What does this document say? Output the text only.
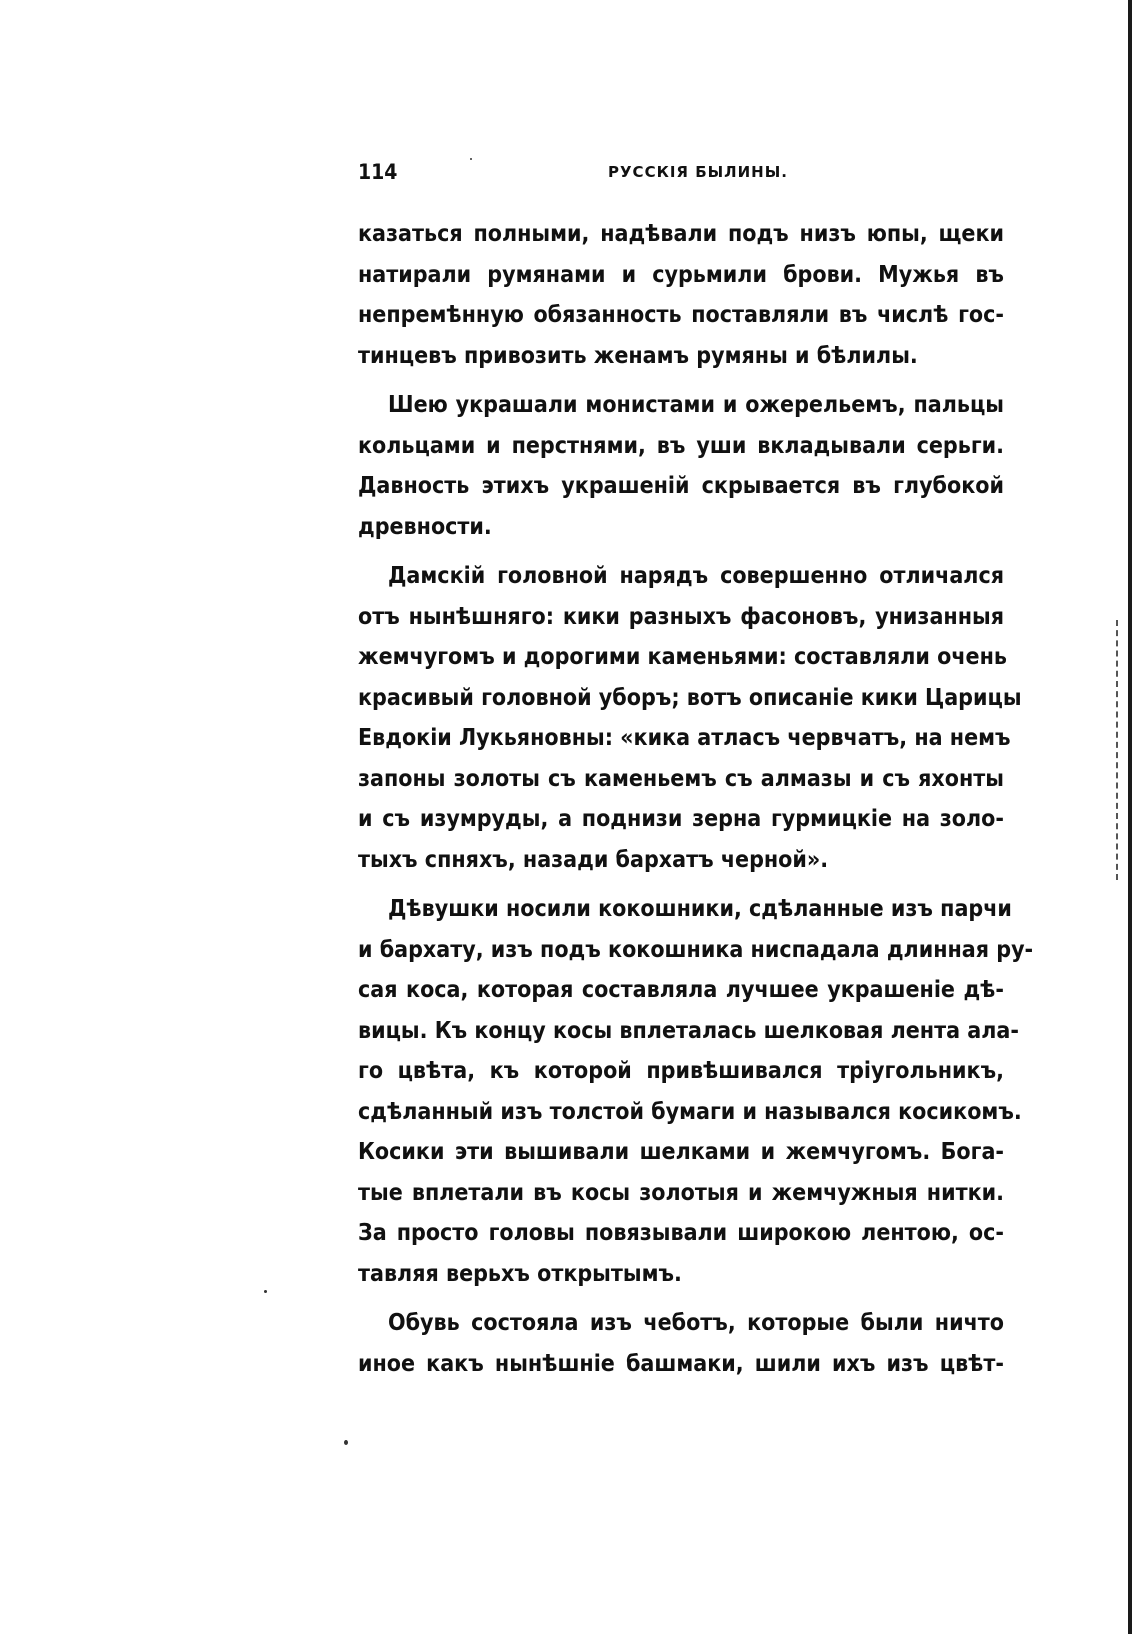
114	РУССКІЯ БЫЛИНЫ.
казаться полными, надѣвали подъ низъ юпы, щеки
натирали румянами и сурьмили брови. Мужья въ
непремѣнную обязанность поставляли въ числѣ гос-
тинцевъ привозить женамъ румяны и бѣлилы.
Шею украшали монистами и ожерельемъ, пальцы
кольцами и перстнями, въ уши вкладывали серьги.
Давность этихъ украшеній скрывается въ глубокой
древности.
Дамскій головной нарядъ совершенно отличался
отъ нынѣшняго: кики разныхъ фасоновъ, унизанныя
жемчугомъ и дорогими каменьями: составляли очень
красивый головной уборъ; вотъ описаніе кики Царицы
Евдокіи Лукьяновны: «кика атласъ червчатъ, на немъ
запоны золоты съ каменьемъ съ алмазы и съ яхонты
и съ изумруды, а поднизи зерна гурмицкіе на золо-
тыхъ спняхъ, назади бархатъ черной».
Дѣвушки носили кокошники, сдѣланные изъ парчи
и бархату, изъ подъ кокошника ниспадала длинная ру-
сая коса, которая составляла лучшее украшеніе дѣ-
вицы. Къ концу косы вплеталась шелковая лента ала-
го цвѣта, къ которой привѣшивался тріугольникъ,
сдѣланный изъ толстой бумаги и назывался косикомъ.
Косики эти вышивали шелками и жемчугомъ. Бога-
тые вплетали въ косы золотыя и жемчужныя нитки.
За просто головы повязывали широкою лентою, ос-
тавляя верьхъ открытымъ.
Обувь состояла изъ чеботъ, которые были ничто
иное какъ нынѣшніе башмаки, шили ихъ изъ цвѣт-
